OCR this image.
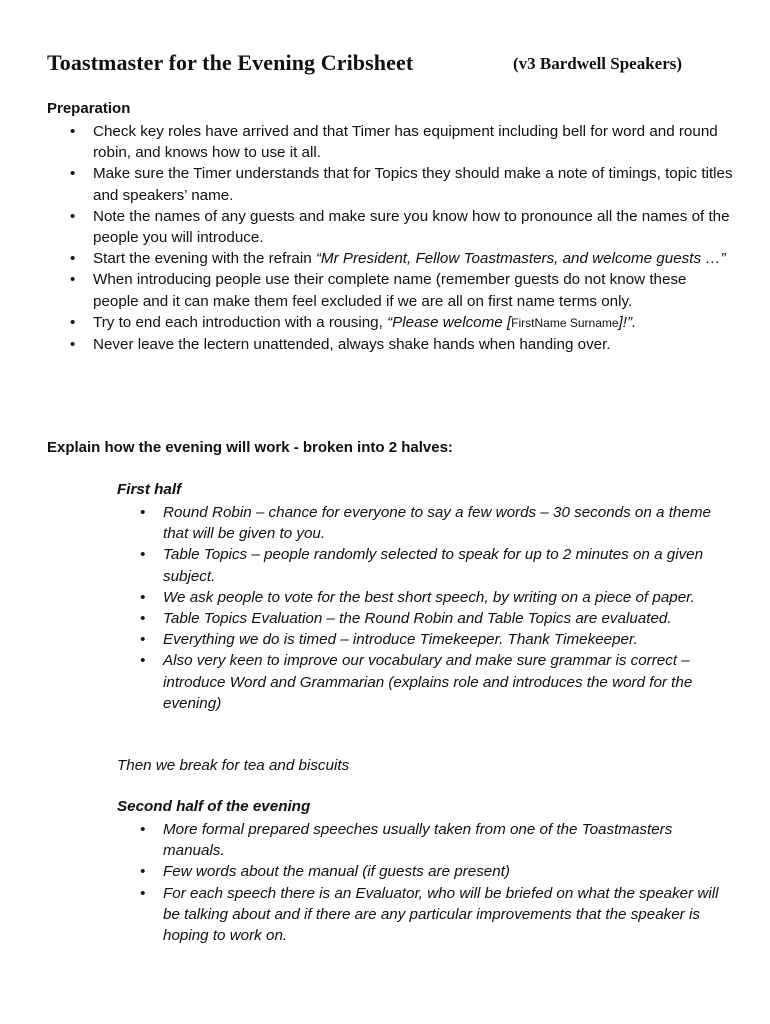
Toastmaster for the Evening Cribsheet	(v3 Bardwell Speakers)
Preparation
• Check key roles have arrived and that Timer has equipment including bell for word and round robin, and knows how to use it all.
• Make sure the Timer understands that for Topics they should make a note of timings, topic titles and speakers’ name.
• Note the names of any guests and make sure you know how to pronounce all the names of the people you will introduce.
• Start the evening with the refrain “Mr President, Fellow Toastmasters, and welcome guests …”
• When introducing people use their complete name (remember guests do not know these people and it can make them feel excluded if we are all on first name terms only.
• Try to end each introduction with a rousing, “Please welcome [FirstName Surname]!”.
• Never leave the lectern unattended, always shake hands when handing over.
Explain how the evening will work - broken into 2 halves:
First half
• Round Robin – chance for everyone to say a few words – 30 seconds on a theme that will be given to you.
• Table Topics – people randomly selected to speak for up to 2 minutes on a given subject.
• We ask people to vote for the best short speech, by writing on a piece of paper.
• Table Topics Evaluation – the Round Robin and Table Topics are evaluated.
• Everything we do is timed – introduce Timekeeper. Thank Timekeeper.
• Also very keen to improve our vocabulary and make sure grammar is correct – introduce Word and Grammarian (explains role and introduces the word for the evening)
Then we break for tea and biscuits
Second half of the evening
• More formal prepared speeches usually taken from one of the Toastmasters manuals.
• Few words about the manual (if guests are present)
• For each speech there is an Evaluator, who will be briefed on what the speaker will be talking about and if there are any particular improvements that the speaker is hoping to work on.
